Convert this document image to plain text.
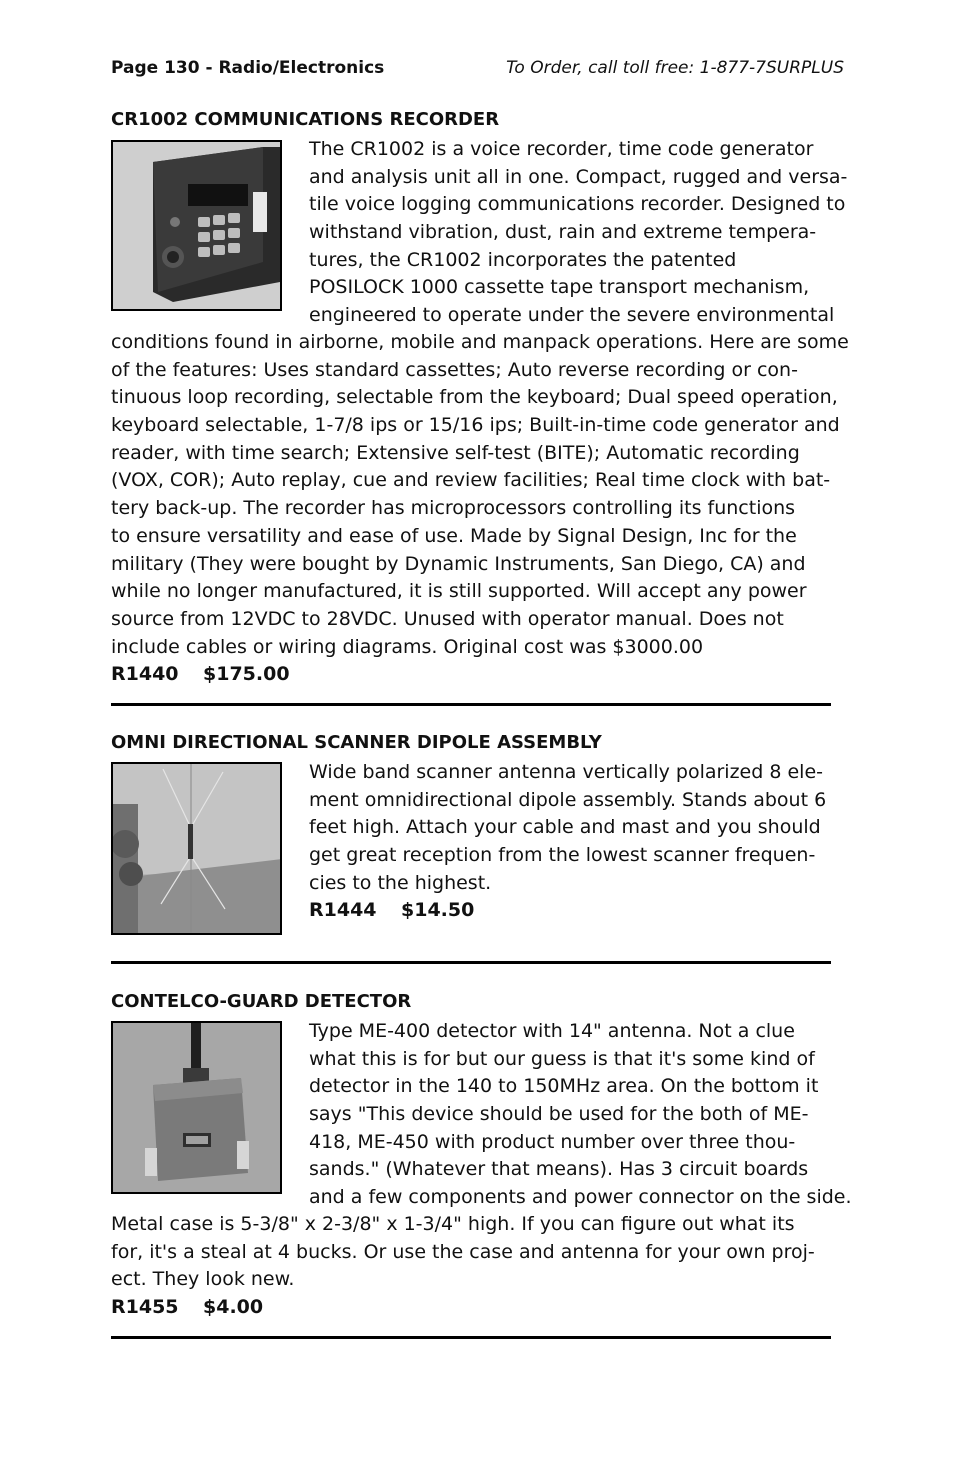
Page 130 - Radio/Electronics	To Order, call toll free: 1-877-7SURPLUS
CR1002 COMMUNICATIONS RECORDER
The CR1002 is a voice recorder, time code generator
and analysis unit all in one. Compact, rugged and versa-
tile voice logging communications recorder. Designed to
withstand vibration, dust, rain and extreme tempera-
tures, the CR1002 incorporates the patented
POSILOCK 1000 cassette tape transport mechanism,
engineered to operate under the severe environmental
conditions found in airborne, mobile and manpack operations. Here are some
of the features: Uses standard cassettes; Auto reverse recording or con-
tinuous loop recording, selectable from the keyboard; Dual speed operation,
keyboard selectable, 1-7/8 ips or 15/16 ips; Built-in-time code generator and
reader, with time search; Extensive self-test (BITE); Automatic recording
(VOX, COR); Auto replay, cue and review facilities; Real time clock with bat-
tery back-up. The recorder has microprocessors controlling its functions
to ensure versatility and ease of use. Made by Signal Design, Inc for the
military (They were bought by Dynamic Instruments, San Diego, CA) and
while no longer manufactured, it is still supported. Will accept any power
source from 12VDC to 28VDC. Unused with operator manual. Does not
include cables or wiring diagrams. Original cost was $3000.00
R1440 $175.00
OMNI DIRECTIONAL SCANNER DIPOLE ASSEMBLY
Wide band scanner antenna vertically polarized 8 ele-
ment omnidirectional dipole assembly. Stands about 6
feet high. Attach your cable and mast and you should
get great reception from the lowest scanner frequen-
cies to the highest.
R1444 $14.50
CONTELCO-GUARD DETECTOR
Type ME-400 detector with 14" antenna. Not a clue
what this is for but our guess is that it's some kind of
detector in the 140 to 150MHz area. On the bottom it
says "This device should be used for the both of ME-
418, ME-450 with product number over three thou-
sands." (Whatever that means). Has 3 circuit boards
and a few components and power connector on the side.
Metal case is 5-3/8" x 2-3/8" x 1-3/4" high. If you can figure out what its
for, it's a steal at 4 bucks. Or use the case and antenna for your own proj-
ect. They look new.
R1455 $4.00
